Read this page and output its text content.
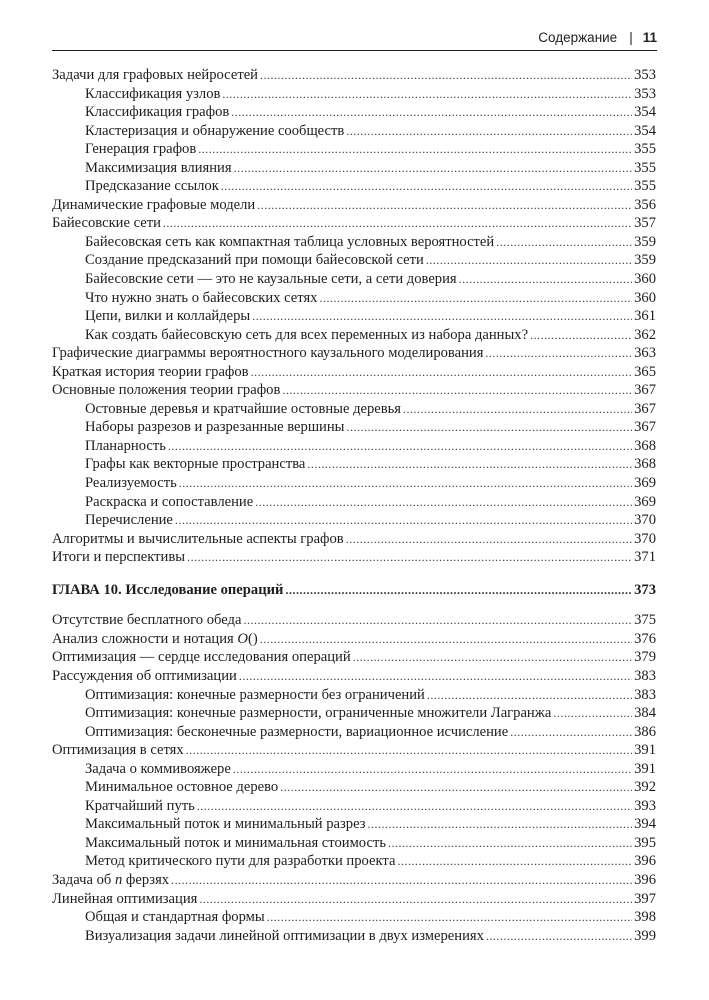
Содержание | 11
Задачи для графовых нейросетей .....	353
Классификация узлов .....	353
Классификация графов .....	354
Кластеризация и обнаружение сообществ .....	354
Генерация графов .....	355
Максимизация влияния .....	355
Предсказание ссылок .....	355
Динамические графовые модели .....	356
Байесовские сети .....	357
Байесовская сеть как компактная таблица условных вероятностей .....	359
Создание предсказаний при помощи байесовской сети .....	359
Байесовские сети — это не каузальные сети, а сети доверия .....	360
Что нужно знать о байесовских сетях .....	360
Цепи, вилки и коллайдеры .....	361
Как создать байесовскую сеть для всех переменных из набора данных? .....	362
Графические диаграммы вероятностного каузального моделирования .....	363
Краткая история теории графов .....	365
Основные положения теории графов .....	367
Остовные деревья и кратчайшие остовные деревья .....	367
Наборы разрезов и разрезанные вершины .....	367
Планарность .....	368
Графы как векторные пространства .....	368
Реализуемость .....	369
Раскраска и сопоставление .....	369
Перечисление .....	370
Алгоритмы и вычислительные аспекты графов .....	370
Итоги и перспективы .....	371
ГЛАВА 10. Исследование операций .....	373
Отсутствие бесплатного обеда .....	375
Анализ сложности и нотация O() .....	376
Оптимизация — сердце исследования операций .....	379
Рассуждения об оптимизации .....	383
Оптимизация: конечные размерности без ограничений .....	383
Оптимизация: конечные размерности, ограниченные множители Лагранжа .....	384
Оптимизация: бесконечные размерности, вариационное исчисление .....	386
Оптимизация в сетях .....	391
Задача о коммивояжере .....	391
Минимальное остовное дерево .....	392
Кратчайший путь .....	393
Максимальный поток и минимальный разрез .....	394
Максимальный поток и минимальная стоимость .....	395
Метод критического пути для разработки проекта .....	396
Задача об n ферзях .....	396
Линейная оптимизация .....	397
Общая и стандартная формы .....	398
Визуализация задачи линейной оптимизации в двух измерениях .....	399
